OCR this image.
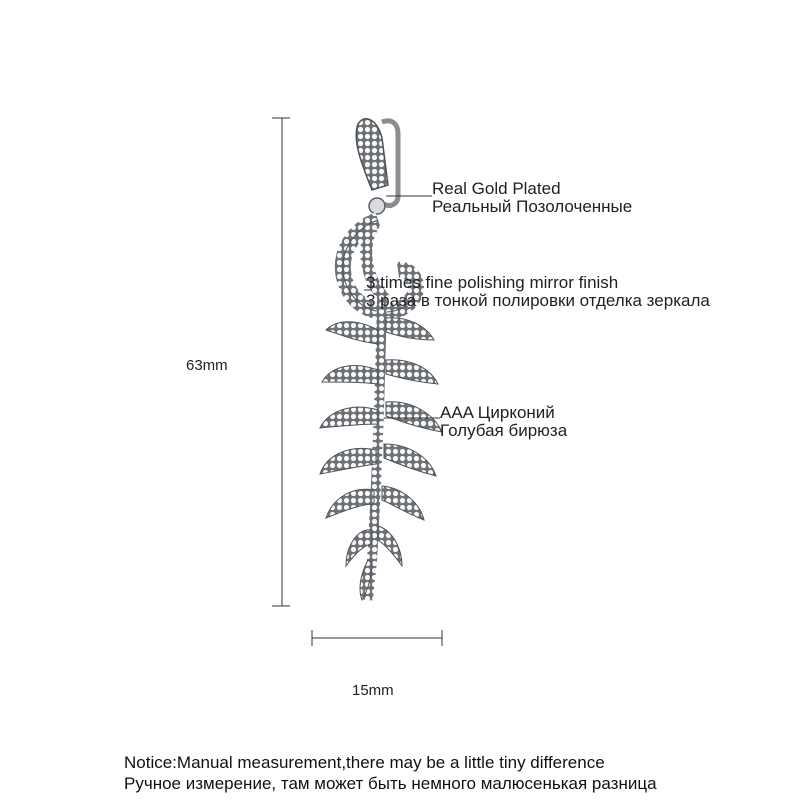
63mm
15mm
Real Gold Plated
Реальный Позолоченные
3 times fine polishing mirror finish
3 раза в тонкой полировки отделка зеркала
AAA Цирконий
Голубая бирюза
Notice:Manual measurement,there may be a little tiny difference
Ручное измерение, там может быть немного малюсенькая разница
